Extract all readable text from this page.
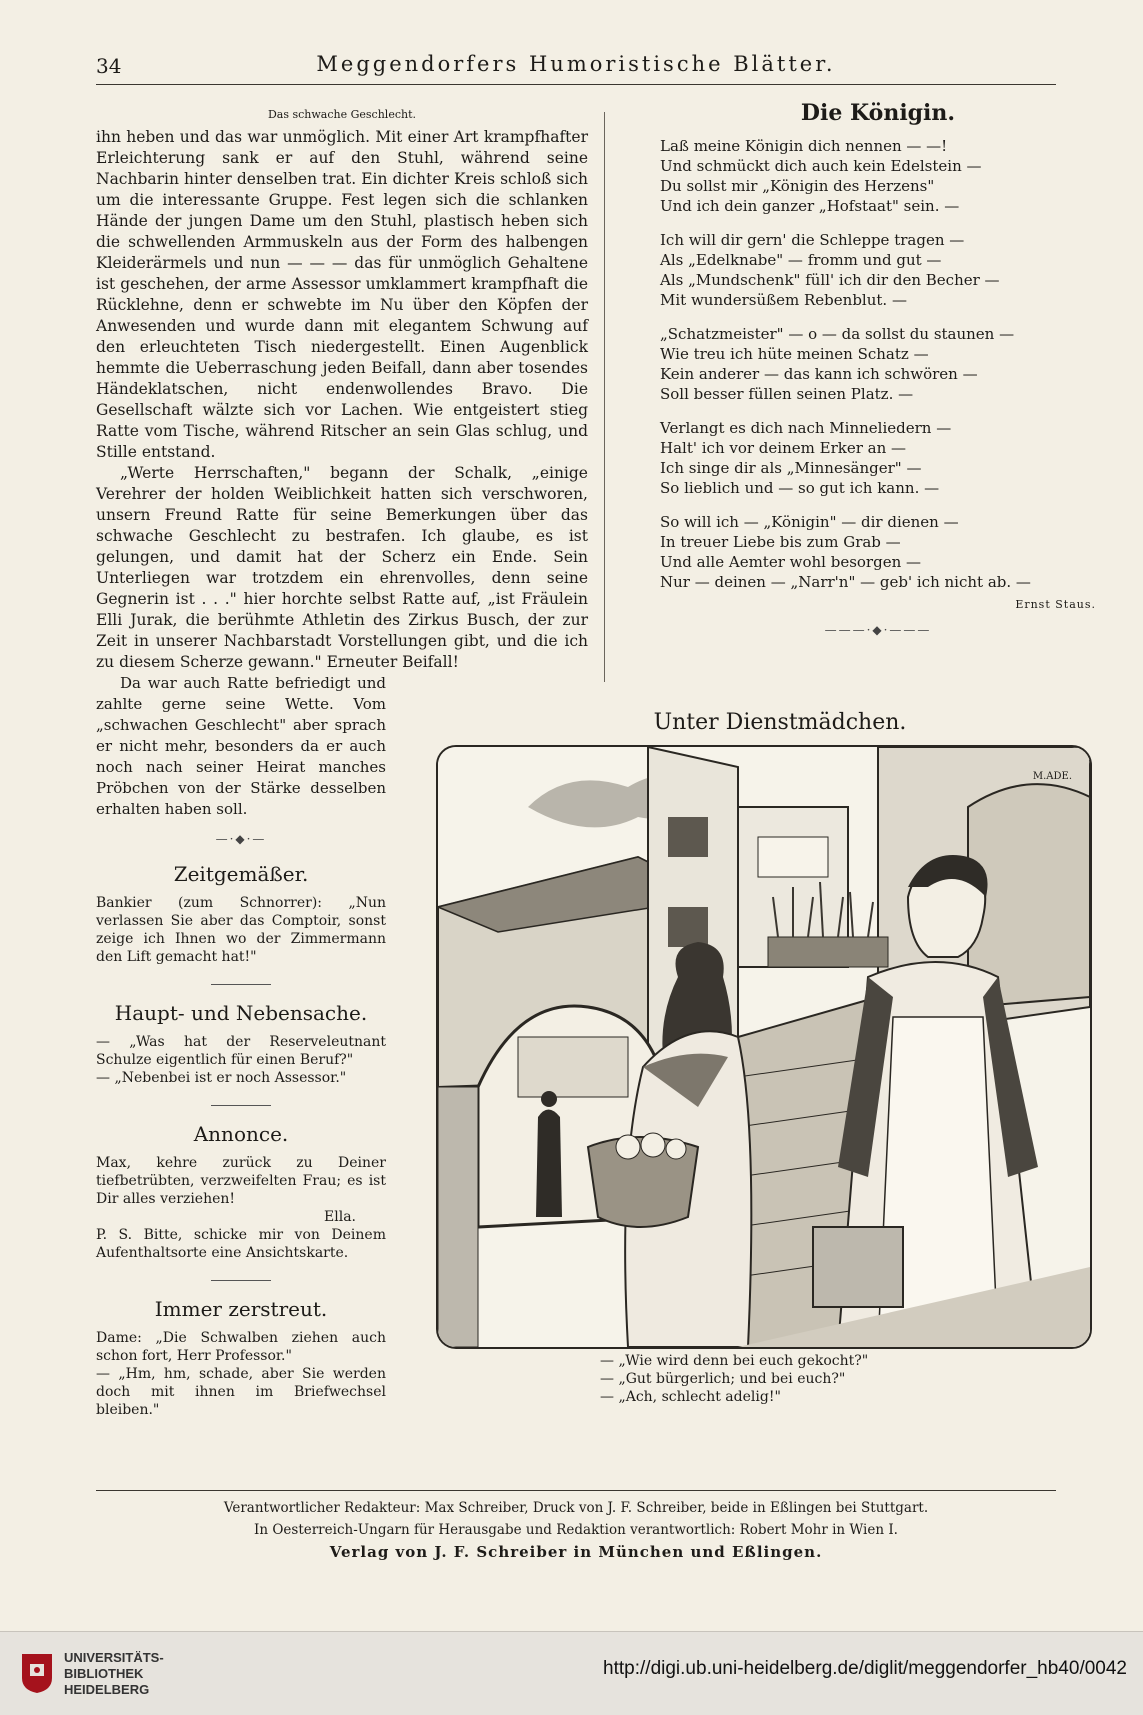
34	Meggendorfers Humoristische Blätter.
Das schwache Geschlecht.

ihn heben und das war unmöglich. Mit einer Art krampfhafter Erleichterung sank er auf den Stuhl, während seine Nachbarin hinter denselben trat. Ein dichter Kreis schloß sich um die interessante Gruppe. Fest legen sich die schlanken Hände der jungen Dame um den Stuhl, plastisch heben sich die schwellenden Armmuskeln aus der Form des halbengen Kleiderärmels und nun — — — das für unmöglich Gehaltene ist geschehen, der arme Assessor umklammert krampfhaft die Rücklehne, denn er schwebte im Nu über den Köpfen der Anwesenden und wurde dann mit elegantem Schwung auf den erleuchteten Tisch niedergestellt. Einen Augenblick hemmte die Ueberraschung jeden Beifall, dann aber tosendes Händeklatschen, nicht endenwollendes Bravo. Die Gesellschaft wälzte sich vor Lachen. Wie entgeistert stieg Ratte vom Tische, während Ritscher an sein Glas schlug, und Stille entstand.

„Werte Herrschaften," begann der Schalk, „einige Verehrer der holden Weiblichkeit hatten sich verschworen, unsern Freund Ratte für seine Bemerkungen über das schwache Geschlecht zu bestrafen. Ich glaube, es ist gelungen, und damit hat der Scherz ein Ende. Sein Unterliegen war trotzdem ein ehrenvolles, denn seine Gegnerin ist . . ." hier horchte selbst Ratte auf, „ist Fräulein Elli Jurak, die berühmte Athletin des Zirkus Busch, der zur Zeit in unserer Nachbarstadt Vorstellungen gibt, und die ich zu diesem Scherze gewann." Erneuter Beifall!

Da war auch Ratte befriedigt und zahlte gerne seine Wette. Vom „schwachen Geschlecht" aber sprach er nicht mehr, besonders da er auch noch nach seiner Heirat manches Pröbchen von der Stärke desselben erhalten haben soll.

—·◆·—
Zeitgemäßer.

Bankier (zum Schnorrer): „Nun verlassen Sie aber das Comptoir, sonst zeige ich Ihnen wo der Zimmermann den Lift gemacht hat!"

Haupt- und Nebensache.

— „Was hat der Reserveleutnant Schulze eigentlich für einen Beruf?"

— „Nebenbei ist er noch Assessor."

Annonce.

Max, kehre zurück zu Deiner tiefbetrübten, verzweifelten Frau; es ist Dir alles verziehen!

Ella.

P. S. Bitte, schicke mir von Deinem Aufenthaltsorte eine Ansichtskarte.

Immer zerstreut.

Dame: „Die Schwalben ziehen auch schon fort, Herr Professor."

— „Hm, hm, schade, aber Sie werden doch mit ihnen im Briefwechsel bleiben."

Die Königin.
Laß meine Königin dich nennen — —!
Und schmückt dich auch kein Edelstein —
Du sollst mir „Königin des Herzens"
Und ich dein ganzer „Hofstaat" sein. —
Ich will dir gern' die Schleppe tragen —
Als „Edelknabe" — fromm und gut —
Als „Mundschenk" füll' ich dir den Becher —
Mit wundersüßem Rebenblut. —
„Schatzmeister" — o — da sollst du staunen —
Wie treu ich hüte meinen Schatz —
Kein anderer — das kann ich schwören —
Soll besser füllen seinen Platz. —
Verlangt es dich nach Minneliedern —
Halt' ich vor deinem Erker an —
Ich singe dir als „Minnesänger" —
So lieblich und — so gut ich kann. —
So will ich — „Königin" — dir dienen —
In treuer Liebe bis zum Grab —
Und alle Aemter wohl besorgen —
Nur — deinen — „Narr'n" — geb' ich nicht ab. —
Ernst Staus.
———·◆·———
Unter Dienstmädchen.
M.ADE.
— „Wie wird denn bei euch gekocht?"
— „Gut bürgerlich; und bei euch?"
— „Ach, schlecht adelig!"
Verantwortlicher Redakteur: Max Schreiber, Druck von J. F. Schreiber, beide in Eßlingen bei Stuttgart.
In Oesterreich-Ungarn für Herausgabe und Redaktion verantwortlich: Robert Mohr in Wien I.
Verlag von J. F. Schreiber in München und Eßlingen.
UNIVERSITÄTS-
BIBLIOTHEK
HEIDELBERG
http://digi.ub.uni-heidelberg.de/diglit/meggendorfer_hb40/0042
